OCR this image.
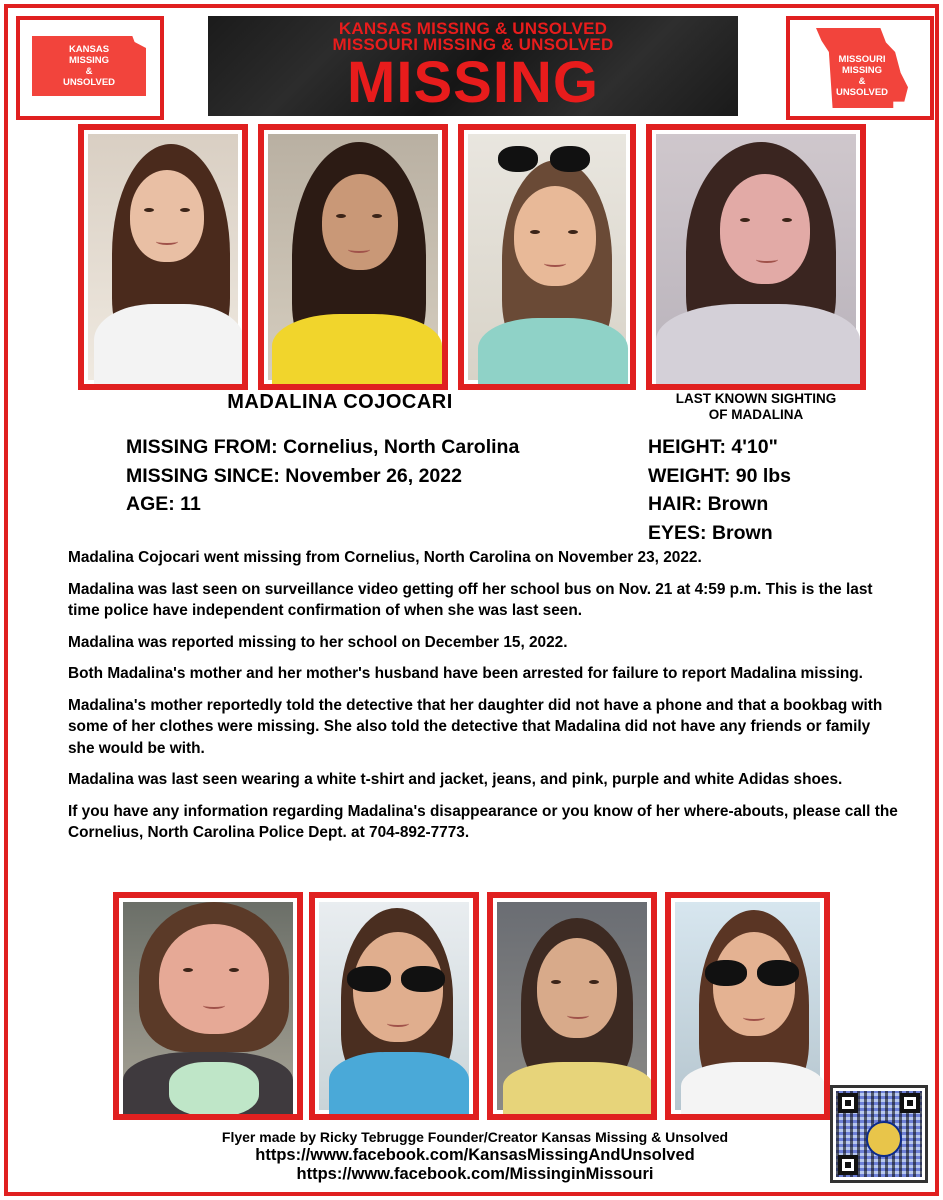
KANSAS
MISSING
&
UNSOLVED
KANSAS MISSING & UNSOLVED
MISSOURI MISSING & UNSOLVED
MISSING	MISSOURI
MISSING
&
UNSOLVED
MADALINA COJOCARI	LAST KNOWN SIGHTING
OF MADALINA
MISSING FROM: Cornelius, North Carolina
MISSING SINCE: November 26, 2022
AGE: 11
HEIGHT: 4'10"
WEIGHT: 90 lbs
HAIR: Brown
EYES: Brown

Madalina Cojocari went missing from Cornelius, North Carolina on November 23, 2022.

Madalina was last seen on surveillance video getting off her school bus on Nov. 21 at 4:59 p.m. This is the last time police have independent confirmation of when she was last seen.

Madalina was reported missing to her school on December 15, 2022.

Both Madalina's mother and her mother's husband have been arrested for failure to report Madalina missing.

Madalina's mother reportedly told the detective that her daughter did not have a phone and that a bookbag with some of her clothes were missing. She also told the detective that Madalina did not have any friends or family she would be with.

Madalina was last seen wearing a white t-shirt and jacket, jeans, and pink, purple and white Adidas shoes.

If you have any information regarding Madalina's disappearance or you know of her where-abouts, please call the Cornelius, North Carolina Police Dept. at 704-892-7773.

Flyer made by Ricky Tebrugge Founder/Creator Kansas Missing & Unsolved
https://www.facebook.com/KansasMissingAndUnsolved
https://www.facebook.com/MissinginMissouri
